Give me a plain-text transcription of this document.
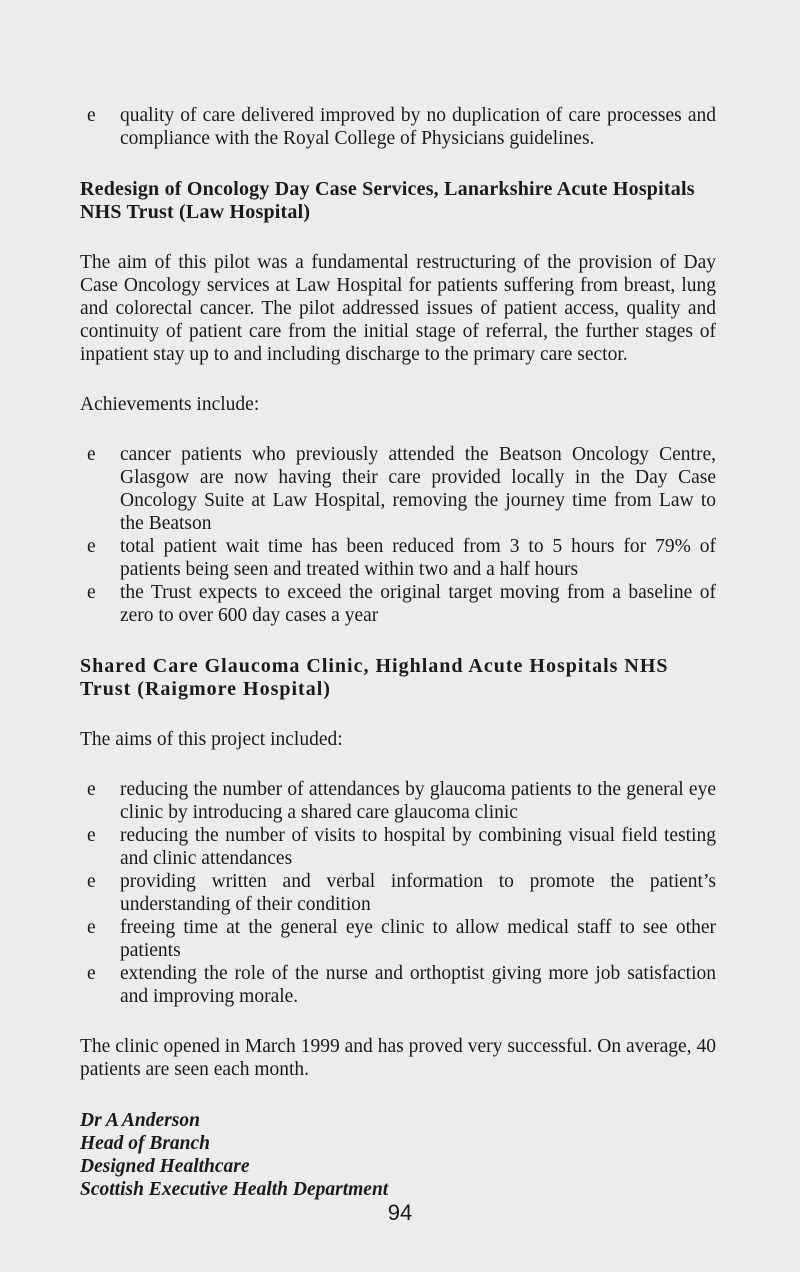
e quality of care delivered improved by no duplication of care processes and compliance with the Royal College of Physicians guidelines.
Redesign of Oncology Day Case Services, Lanarkshire Acute Hospitals NHS Trust (Law Hospital)

The aim of this pilot was a fundamental restructuring of the provision of Day Case Oncology services at Law Hospital for patients suffering from breast, lung and colorectal cancer. The pilot addressed issues of patient access, quality and continuity of patient care from the initial stage of referral, the further stages of inpatient stay up to and including discharge to the primary care sector.

Achievements include:

e cancer patients who previously attended the Beatson Oncology Centre, Glasgow are now having their care provided locally in the Day Case Oncology Suite at Law Hospital, removing the journey time from Law to the Beatson
e total patient wait time has been reduced from 3 to 5 hours for 79% of patients being seen and treated within two and a half hours
e the Trust expects to exceed the original target moving from a baseline of zero to over 600 day cases a year
Shared Care Glaucoma Clinic, Highland Acute Hospitals NHS Trust (Raigmore Hospital)

The aims of this project included:

e reducing the number of attendances by glaucoma patients to the general eye clinic by introducing a shared care glaucoma clinic
e reducing the number of visits to hospital by combining visual field testing and clinic attendances
e providing written and verbal information to promote the patient’s understanding of their condition
e freeing time at the general eye clinic to allow medical staff to see other patients
e extending the role of the nurse and orthoptist giving more job satisfaction and improving morale.

The clinic opened in March 1999 and has proved very successful. On average, 40 patients are seen each month.

Dr A Anderson
Head of Branch
Designed Healthcare
Scottish Executive Health Department
94
